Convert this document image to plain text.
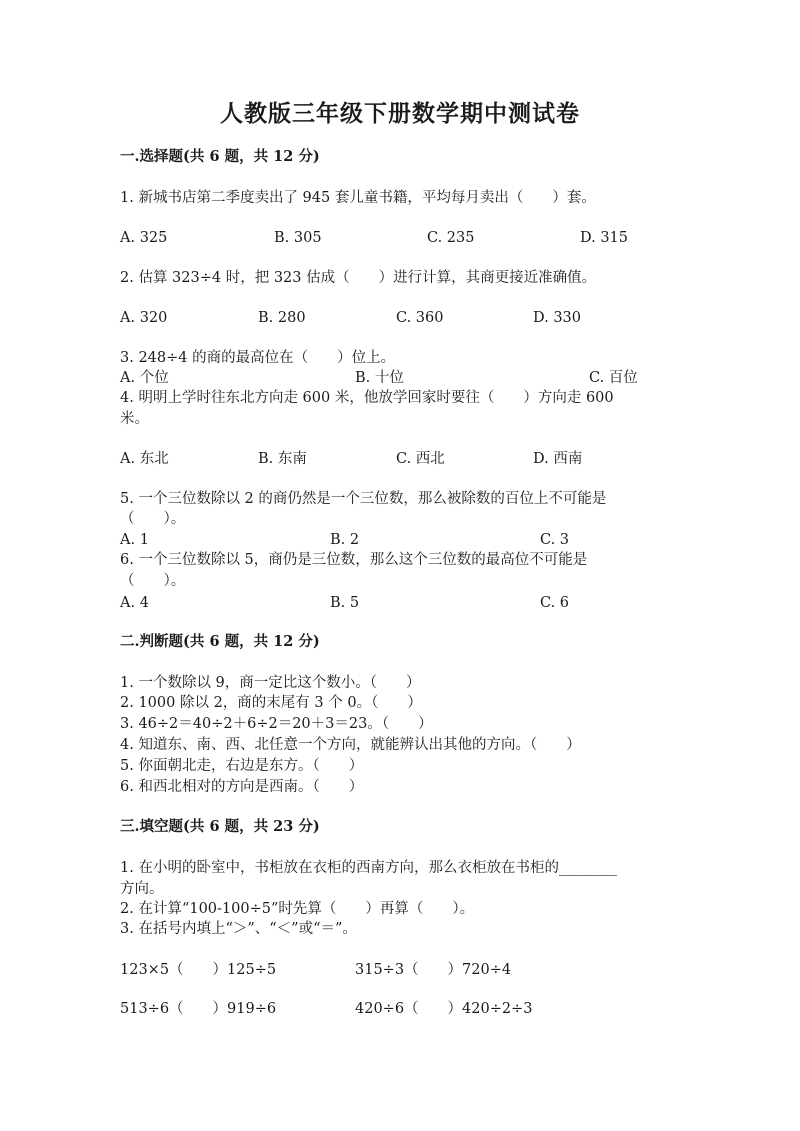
人教版三年级下册数学期中测试卷
一.选择题(共 6 题，共 12 分)
1. 新城书店第二季度卖出了 945 套儿童书籍，平均每月卖出（　　）套。
A. 325	B. 305	C. 235	D. 315
2. 估算 323÷4 时，把 323 估成（　　）进行计算，其商更接近准确值。
A. 320	B. 280	C. 360	D. 330
3. 248÷4 的商的最高位在（　　）位上。
A. 个位	B. 十位	C. 百位
4. 明明上学时往东北方向走 600 米，他放学回家时要往（　　）方向走 600
米。
A. 东北	B. 东南	C. 西北	D. 西南
5. 一个三位数除以 2 的商仍然是一个三位数，那么被除数的百位上不可能是
（　　）。
A. 1	B. 2	C. 3
6. 一个三位数除以 5，商仍是三位数，那么这个三位数的最高位不可能是
（　　）。
A. 4	B. 5	C. 6
二.判断题(共 6 题，共 12 分)
1. 一个数除以 9，商一定比这个数小。（　　）
2. 1000 除以 2，商的末尾有 3 个 0。（　　）
3. 46÷2＝40÷2＋6÷2＝20＋3＝23。（　　）
4. 知道东、南、西、北任意一个方向，就能辨认出其他的方向。（　　）
5. 你面朝北走，右边是东方。（　　）
6. 和西北相对的方向是西南。（　　）
三.填空题(共 6 题，共 23 分)
1. 在小明的卧室中，书柜放在衣柜的西南方向，那么衣柜放在书柜的________
方向。
2. 在计算“100-100÷5”时先算（　　）再算（　　）。
3. 在括号内填上“＞”、“＜”或“＝”。
123×5（　　）125÷5	315÷3（　　）720÷4
513÷6（　　）919÷6	420÷6（　　）420÷2÷3
